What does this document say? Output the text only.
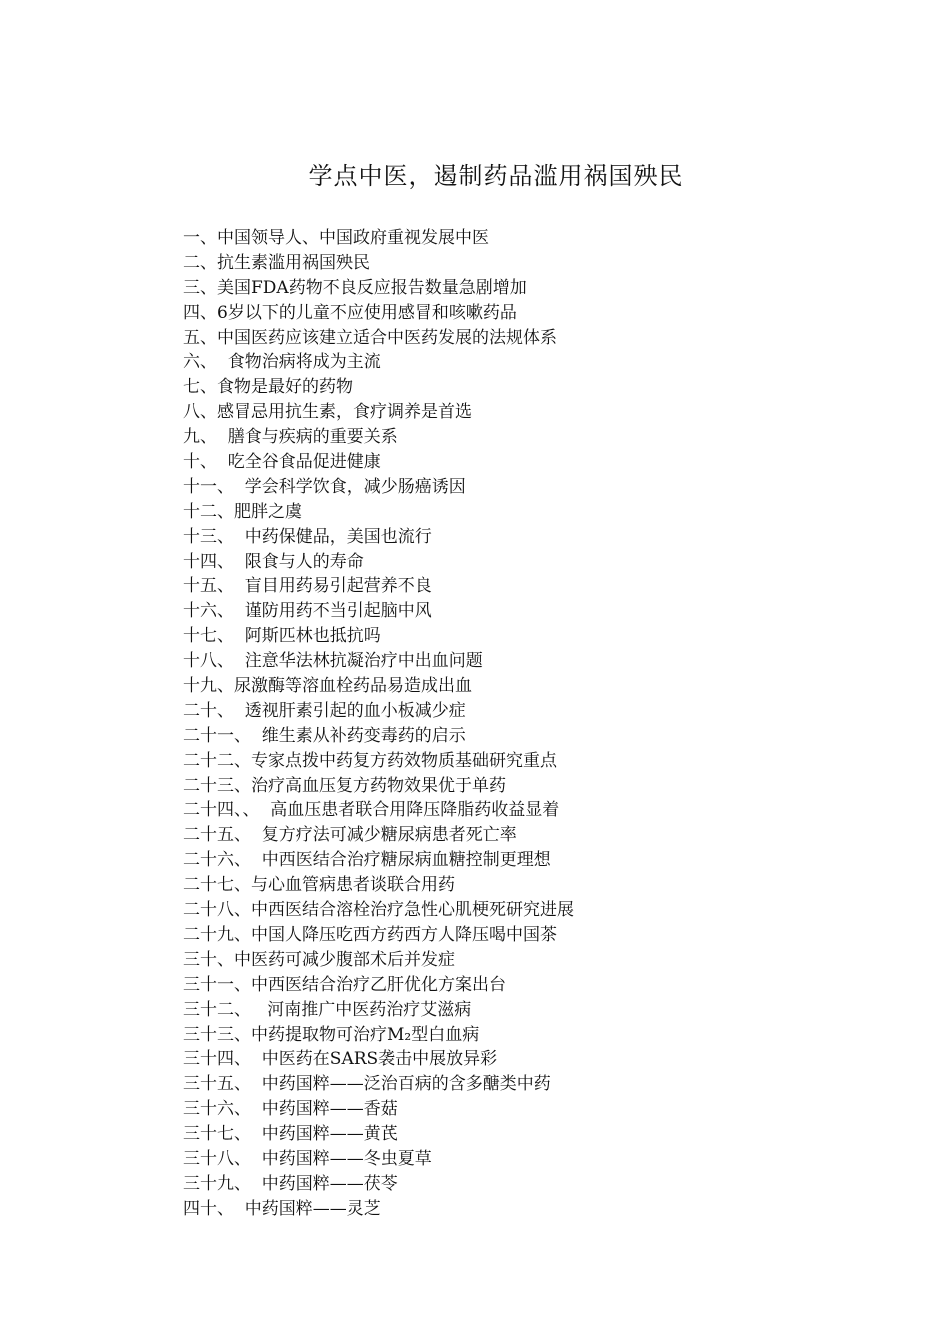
学点中医，遏制药品滥用祸国殃民
一、中国领导人、中国政府重视发展中医
二、抗生素滥用祸国殃民
三、美国FDA药物不良反应报告数量急剧增加
四、6岁以下的儿童不应使用感冒和咳嗽药品
五、中国医药应该建立适合中医药发展的法规体系
六、  食物治病将成为主流
七、食物是最好的药物
八、感冒忌用抗生素，食疗调养是首选
九、  膳食与疾病的重要关系
十、  吃全谷食品促进健康
十一、  学会科学饮食，减少肠癌诱因
十二、肥胖之虞
十三、  中药保健品，美国也流行
十四、  限食与人的寿命
十五、  盲目用药易引起营养不良
十六、  谨防用药不当引起脑中风
十七、  阿斯匹林也抵抗吗
十八、  注意华法林抗凝治疗中出血问题
十九、尿激酶等溶血栓药品易造成出血
二十、  透视肝素引起的血小板减少症
二十一、  维生素从补药变毒药的启示
二十二、专家点拨中药复方药效物质基础研究重点
二十三、治疗高血压复方药物效果优于单药
二十四、、  高血压患者联合用降压降脂药收益显着
二十五、  复方疗法可减少糖尿病患者死亡率
二十六、  中西医结合治疗糖尿病血糖控制更理想
二十七、与心血管病患者谈联合用药
二十八、中西医结合溶栓治疗急性心肌梗死研究进展
二十九、中国人降压吃西方药西方人降压喝中国茶
三十、中医药可减少腹部术后并发症
三十一、中西医结合治疗乙肝优化方案出台
三十二、   河南推广中医药治疗艾滋病
三十三、中药提取物可治疗M₂型白血病
三十四、  中医药在SARS袭击中展放异彩
三十五、  中药国粹——泛治百病的含多醣类中药
三十六、  中药国粹——香菇
三十七、  中药国粹——黄芪
三十八、  中药国粹——冬虫夏草
三十九、  中药国粹——茯苓
四十、  中药国粹——灵芝
